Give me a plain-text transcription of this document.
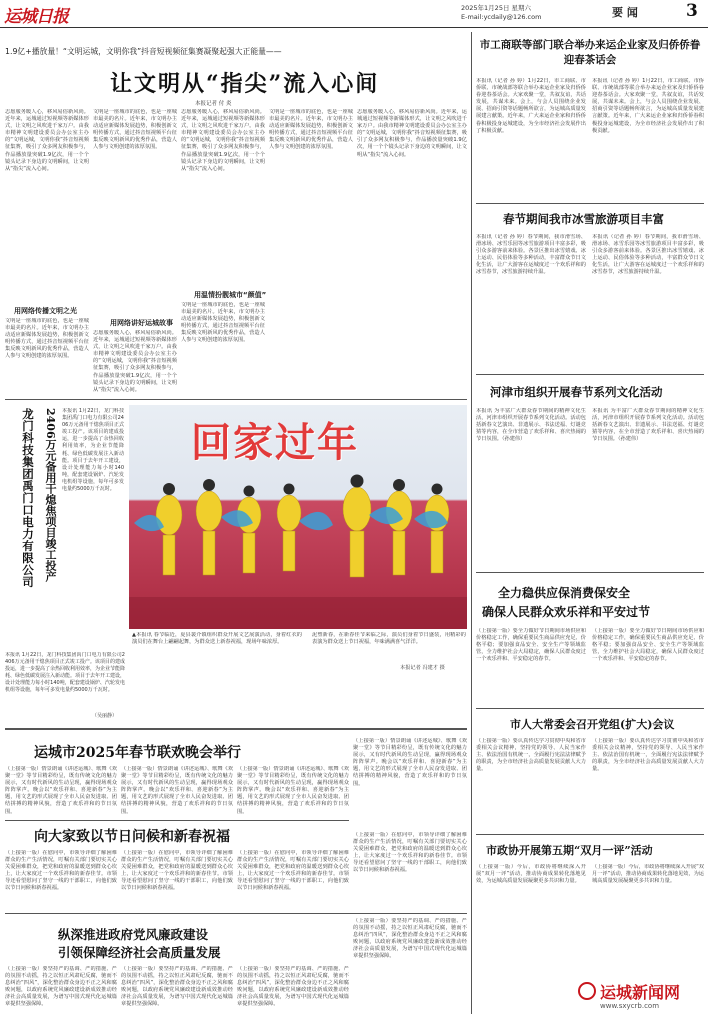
运城日报	2025年1月25日 星期六
E-mail:ycdaily@126.com	要 闻	3
1.9亿+播放量！“文明运城，文明你我”抖音短视频征集赛凝聚起强大正能量——
让文明从“指尖”流入心间
本报记者 付 炎
志愿服务暖人心，移风易俗新风尚。近年来，运城通过短视频等新媒体形式，让文明之风吹进千家万户。由我市精神文明建设委员会办公室主办的“文明运城，文明你我”抖音短视频征集赛，吸引了众多网友积极参与，作品播放量突破1.9亿次，用一个个镜头记录下身边的文明瞬间，让文明从“指尖”流入心间。
用网络传播文明之光
文明是一座城市的底色，也是一座城市最美的名片。近年来，市文明办主动适应新媒体发展趋势，积极创新文明传播方式，通过抖音短视频平台征集反映文明新风的优秀作品，营造人人参与文明创建的浓厚氛围。
文明是一座城市的底色，也是一座城市最美的名片。近年来，市文明办主动适应新媒体发展趋势，积极创新文明传播方式，通过抖音短视频平台征集反映文明新风的优秀作品，营造人人参与文明创建的浓厚氛围。
用网络讲好运城故事
志愿服务暖人心，移风易俗新风尚。近年来，运城通过短视频等新媒体形式，让文明之风吹进千家万户。由我市精神文明建设委员会办公室主办的“文明运城，文明你我”抖音短视频征集赛，吸引了众多网友积极参与，作品播放量突破1.9亿次，用一个个镜头记录下身边的文明瞬间，让文明从“指尖”流入心间。
志愿服务暖人心，移风易俗新风尚。近年来，运城通过短视频等新媒体形式，让文明之风吹进千家万户。由我市精神文明建设委员会办公室主办的“文明运城，文明你我”抖音短视频征集赛，吸引了众多网友积极参与，作品播放量突破1.9亿次，用一个个镜头记录下身边的文明瞬间，让文明从“指尖”流入心间。
用温情扮靓城市“颜值”
文明是一座城市的底色，也是一座城市最美的名片。近年来，市文明办主动适应新媒体发展趋势，积极创新文明传播方式，通过抖音短视频平台征集反映文明新风的优秀作品，营造人人参与文明创建的浓厚氛围。
文明是一座城市的底色，也是一座城市最美的名片。近年来，市文明办主动适应新媒体发展趋势，积极创新文明传播方式，通过抖音短视频平台征集反映文明新风的优秀作品，营造人人参与文明创建的浓厚氛围。
志愿服务暖人心，移风易俗新风尚。近年来，运城通过短视频等新媒体形式，让文明之风吹进千家万户。由我市精神文明建设委员会办公室主办的“文明运城，文明你我”抖音短视频征集赛，吸引了众多网友积极参与，作品播放量突破1.9亿次，用一个个镜头记录下身边的文明瞬间，让文明从“指尖”流入心间。
龙门科技集团禹门口电力有限公司 2406万元备用干熄焦项目竣工投产 本报讯 1月22日，龙门科技集团禹门口电力有限公司2406万元备用干熄焦项目正式竣工投产。该项目的建成投运，进一步提高了余热回收利用效率，为企业节能降耗、绿色低碳发展注入新动能。项目于去年开工建设，设计处理能力每小时140吨，配套建设锅炉、汽轮发电机组等设施，每年可多发电量约5000万千瓦时。
本报讯 1月22日，龙门科技集团禹门口电力有限公司2406万元备用干熄焦项目正式竣工投产。该项目的建成投运，进一步提高了余热回收利用效率，为企业节能降耗、绿色低碳发展注入新动能。项目于去年开工建设，设计处理能力每小时140吨，配套建设锅炉、汽轮发电机组等设施，每年可多发电量约5000万千瓦时。
（吴丽静）
回家过年
▲本报讯 春节临近，夏县裴介镇组织群众开展文艺展演活动，身着红衣的演员们在舞台上翩翩起舞，为群众送上新春祝福，现场年味浓厚。
泥塑新春，在新春佳节来临之际，演员们身着节日盛装，用精彩的表演为群众送上节日祝福，年味满满喜气洋洋。
本报记者 冯建才 摄
运城市2025年春节联欢晚会举行
（上接第一版）情景朗诵《讲述运城》、歌舞《欢聚一堂》等节目精彩纷呈，既有传统文化的魅力展示，又有时代新风的生动呈现，赢得现场观众阵阵掌声。晚会以“欢乐祥和、喜迎新春”为主题，用文艺的形式展现了全市人民奋发进取、团结拼搏的精神风貌，营造了欢乐祥和的节日氛围。
（上接第一版）情景朗诵《讲述运城》、歌舞《欢聚一堂》等节目精彩纷呈，既有传统文化的魅力展示，又有时代新风的生动呈现，赢得现场观众阵阵掌声。晚会以“欢乐祥和、喜迎新春”为主题，用文艺的形式展现了全市人民奋发进取、团结拼搏的精神风貌，营造了欢乐祥和的节日氛围。
（上接第一版）情景朗诵《讲述运城》、歌舞《欢聚一堂》等节目精彩纷呈，既有传统文化的魅力展示，又有时代新风的生动呈现，赢得现场观众阵阵掌声。晚会以“欢乐祥和、喜迎新春”为主题，用文艺的形式展现了全市人民奋发进取、团结拼搏的精神风貌，营造了欢乐祥和的节日氛围。
（上接第一版）情景朗诵《讲述运城》、歌舞《欢聚一堂》等节目精彩纷呈，既有传统文化的魅力展示，又有时代新风的生动呈现，赢得现场观众阵阵掌声。晚会以“欢乐祥和、喜迎新春”为主题，用文艺的形式展现了全市人民奋发进取、团结拼搏的精神风貌，营造了欢乐祥和的节日氛围。
向大家致以节日问候和新春祝福
（上接第一版）在慰问中，市领导详细了解困难群众的生产生活情况，叮嘱有关部门要切实关心关爱困难群众，把党和政府的温暖送到群众心坎上，让大家度过一个欢乐祥和的新春佳节。市领导还看望慰问了坚守一线的干部职工，向他们致以节日问候和新春祝福。
（上接第一版）在慰问中，市领导详细了解困难群众的生产生活情况，叮嘱有关部门要切实关心关爱困难群众，把党和政府的温暖送到群众心坎上，让大家度过一个欢乐祥和的新春佳节。市领导还看望慰问了坚守一线的干部职工，向他们致以节日问候和新春祝福。
（上接第一版）在慰问中，市领导详细了解困难群众的生产生活情况，叮嘱有关部门要切实关心关爱困难群众，把党和政府的温暖送到群众心坎上，让大家度过一个欢乐祥和的新春佳节。市领导还看望慰问了坚守一线的干部职工，向他们致以节日问候和新春祝福。
（上接第一版）在慰问中，市领导详细了解困难群众的生产生活情况，叮嘱有关部门要切实关心关爱困难群众，把党和政府的温暖送到群众心坎上，让大家度过一个欢乐祥和的新春佳节。市领导还看望慰问了坚守一线的干部职工，向他们致以节日问候和新春祝福。
纵深推进政府党风廉政建设
引领保障经济社会高质量发展
（上接第一版）要坚持严的基调、严的措施、严的氛围不动摇，持之以恒正风肃纪反腐，驰而不息纠治“四风”，深化整治群众身边不正之风和腐败问题，以政府系统党风廉政建设新成效推动经济社会高质量发展，为谱写中国式现代化运城篇章提供坚强保障。
（上接第一版）要坚持严的基调、严的措施、严的氛围不动摇，持之以恒正风肃纪反腐，驰而不息纠治“四风”，深化整治群众身边不正之风和腐败问题，以政府系统党风廉政建设新成效推动经济社会高质量发展，为谱写中国式现代化运城篇章提供坚强保障。
（上接第一版）要坚持严的基调、严的措施、严的氛围不动摇，持之以恒正风肃纪反腐，驰而不息纠治“四风”，深化整治群众身边不正之风和腐败问题，以政府系统党风廉政建设新成效推动经济社会高质量发展，为谱写中国式现代化运城篇章提供坚强保障。
（上接第一版）要坚持严的基调、严的措施、严的氛围不动摇，持之以恒正风肃纪反腐，驰而不息纠治“四风”，深化整治群众身边不正之风和腐败问题，以政府系统党风廉政建设新成效推动经济社会高质量发展，为谱写中国式现代化运城篇章提供坚强保障。
市工商联等部门联合举办来运企业家及归侨侨眷迎春茶话会
本报讯（记者 孙 婷）1月22日，市工商联、市侨联、市统战部等联合举办来运企业家及归侨侨眷迎春茶话会。大家欢聚一堂，共叙友谊，共话发展，共谋未来。会上，与会人员围绕企业发展、招商引资等话题畅所欲言，为运城高质量发展建言献策。近年来，广大来运企业家和归侨侨眷积极投身运城建设，为全市经济社会发展作出了积极贡献。
本报讯（记者 孙 婷）1月22日，市工商联、市侨联、市统战部等联合举办来运企业家及归侨侨眷迎春茶话会。大家欢聚一堂，共叙友谊，共话发展，共谋未来。会上，与会人员围绕企业发展、招商引资等话题畅所欲言，为运城高质量发展建言献策。近年来，广大来运企业家和归侨侨眷积极投身运城建设，为全市经济社会发展作出了积极贡献。
春节期间我市冰雪旅游项目丰富
本报讯（记者 孙 婷）春节期间，我市滑雪场、滑冰场、冰雪乐园等冰雪旅游项目丰富多彩，吸引众多游客前来体验。各景区推出冰雪嬉戏、冰上运动、民俗体验等多种活动，丰富群众节日文化生活，让广大游客在运城度过一个欢乐祥和的冰雪春节，冰雪旅游持续升温。
本报讯（记者 孙 婷）春节期间，我市滑雪场、滑冰场、冰雪乐园等冰雪旅游项目丰富多彩，吸引众多游客前来体验。各景区推出冰雪嬉戏、冰上运动、民俗体验等多种活动，丰富群众节日文化生活，让广大游客在运城度过一个欢乐祥和的冰雪春节，冰雪旅游持续升温。
河津市组织开展春节系列文化活动
本报讯 为丰富广大群众春节期间的精神文化生活，河津市组织开展春节系列文化活动。活动包括新春文艺演出、非遗展示、书法送福、灯谜竞猜等内容，在全市营造了欢乐祥和、喜庆热闹的节日氛围。（孙建伟）
本报讯 为丰富广大群众春节期间的精神文化生活，河津市组织开展春节系列文化活动。活动包括新春文艺演出、非遗展示、书法送福、灯谜竞猜等内容，在全市营造了欢乐祥和、喜庆热闹的节日氛围。（孙建伟）
全力稳供应保消费保安全
确保人民群众欢乐祥和平安过节
（上接第一版）要全力做好节日期间市场供应和价格稳定工作，确保重要民生商品供应充足、价格平稳；要加强食品安全、安全生产等领域监管，全力维护社会大局稳定，确保人民群众度过一个欢乐祥和、平安稳定的春节。
（上接第一版）要全力做好节日期间市场供应和价格稳定工作，确保重要民生商品供应充足、价格平稳；要加强食品安全、安全生产等领域监管，全力维护社会大局稳定，确保人民群众度过一个欢乐祥和、平安稳定的春节。
市人大常委会召开党组(扩大)会议
（上接第一版）要认真传达学习贯彻中央和省市委相关会议精神，坚持党的领导、人民当家作主、依法治国有机统一，全面履行宪法法律赋予的职责，为全市经济社会高质量发展贡献人大力量。
（上接第一版）要认真传达学习贯彻中央和省市委相关会议精神，坚持党的领导、人民当家作主、依法治国有机统一，全面履行宪法法律赋予的职责，为全市经济社会高质量发展贡献人大力量。
市政协开展第五期“双月一评”活动
（上接第一版）今后，市政协将继续深入开展“双月一评”活动，推动协商成果转化落地见效，为运城高质量发展凝聚更多共识和力量。
（上接第一版）今后，市政协将继续深入开展“双月一评”活动，推动协商成果转化落地见效，为运城高质量发展凝聚更多共识和力量。
运城新闻网
www.sxycrb.com
